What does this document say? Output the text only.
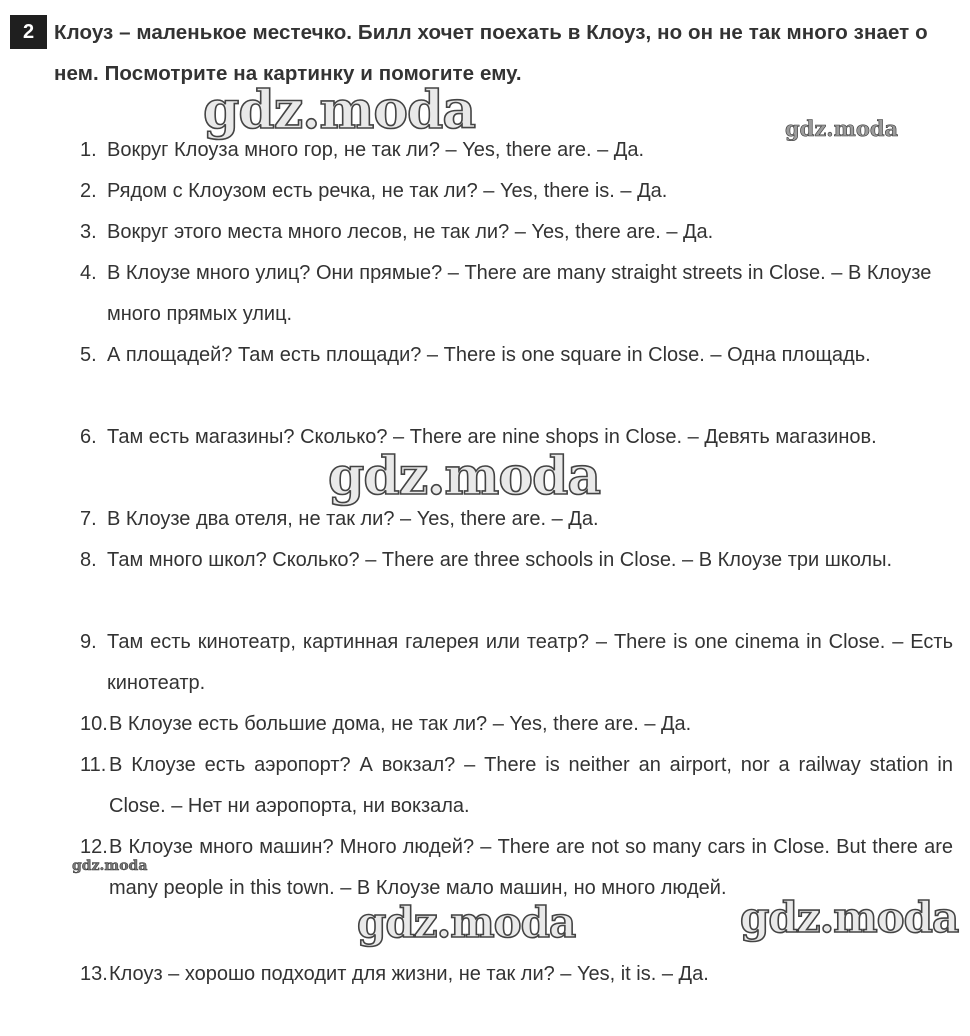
2 Клоуз – маленькое местечко. Билл хочет поехать в Клоуз, но он не так много знает о нем. Посмотрите на картинку и помогите ему.
1. Вокруг Клоуза много гор, не так ли? – Yes, there are. – Да.
2. Рядом с Клоузом есть речка, не так ли? – Yes, there is. – Да.
3. Вокруг этого места много лесов, не так ли? – Yes, there are. – Да.
4. В Клоузе много улиц? Они прямые? – There are many straight streets in Close. – В Клоузе много прямых улиц.
5. А площадей? Там есть площади? – There is one square in Close. – Одна площадь.
6. Там есть магазины? Сколько? – There are nine shops in Close. – Девять магазинов.
7. В Клоузе два отеля, не так ли? – Yes, there are. – Да.
8. Там много школ? Сколько? – There are three schools in Close. – В Клоузе три школы.
9. Там есть кинотеатр, картинная галерея или театр? – There is one cinema in Close. – Есть кинотеатр.
10. В Клоузе есть большие дома, не так ли? – Yes, there are. – Да.
11. В Клоузе есть аэропорт? А вокзал? – There is neither an airport, nor a railway station in Close. – Нет ни аэропорта, ни вокзала.
12. В Клоузе много машин? Много людей? – There are not so many cars in Close. But there are many people in this town. – В Клоузе мало машин, но много людей.
13. Клоуз – хорошо подходит для жизни, не так ли? – Yes, it is. – Да.
gdz.moda	gdz.moda
gdz.moda
gdz.moda
gdz.moda	gdz.moda
